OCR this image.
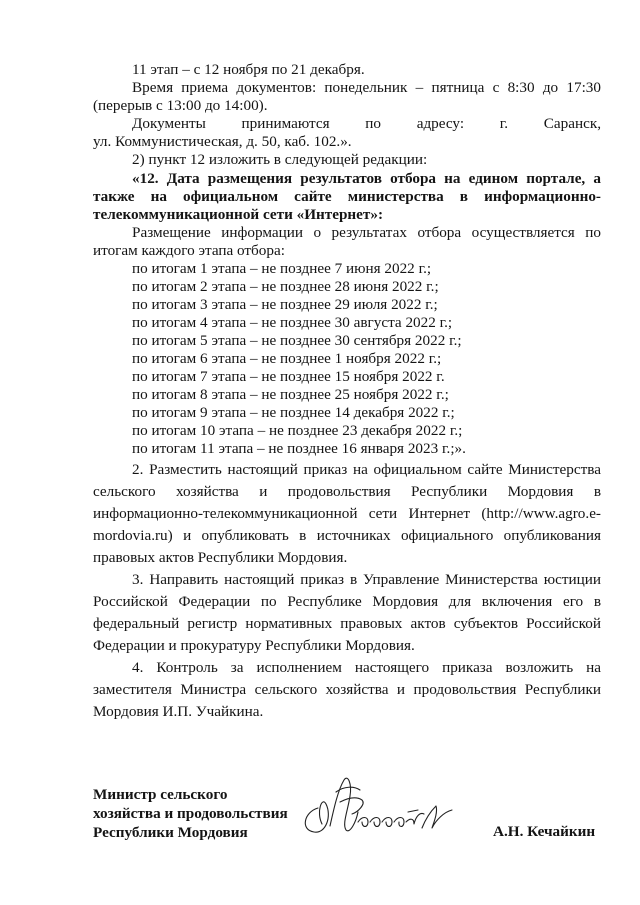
11 этап – с 12 ноября по 21 декабря.
Время приема документов: понедельник – пятница с 8:30 до 17:30
(перерыв с 13:00 до 14:00).
Документы принимаются по адресу: г. Саранск,
ул. Коммунистическая, д. 50, каб. 102.».
2) пункт 12 изложить в следующей редакции:
«12. Дата размещения результатов отбора на едином портале, а
также на официальном сайте министерства в информационно-
телекоммуникационной сети «Интернет»:
Размещение информации о результатах отбора осуществляется по
итогам каждого этапа отбора:
по итогам 1 этапа – не позднее 7 июня 2022 г.;
по итогам 2 этапа – не позднее 28 июня 2022 г.;
по итогам 3 этапа – не позднее 29 июля 2022 г.;
по итогам 4 этапа – не позднее 30 августа 2022 г.;
по итогам 5 этапа – не позднее 30 сентября 2022 г.;
по итогам 6 этапа – не позднее 1 ноября 2022 г.;
по итогам 7 этапа – не позднее 15 ноября 2022 г.
по итогам 8 этапа – не позднее 25 ноября 2022 г.;
по итогам 9 этапа – не позднее 14 декабря 2022 г.;
по итогам 10 этапа – не позднее 23 декабря 2022 г.;
по итогам 11 этапа – не позднее 16 января 2023 г.;».
2. Разместить настоящий приказ на официальном сайте Министерства
сельского хозяйства и продовольствия Республики Мордовия в
информационно-телекоммуникационной сети Интернет (http://www.agro.e-
mordovia.ru) и опубликовать в источниках официального опубликования
правовых актов Республики Мордовия.
3. Направить настоящий приказ в Управление Министерства юстиции
Российской Федерации по Республике Мордовия для включения его в
федеральный регистр нормативных правовых актов субъектов Российской
Федерации и прокуратуру Республики Мордовия.
4. Контроль за исполнением настоящего приказа возложить на
заместителя Министра сельского хозяйства и продовольствия Республики
Мордовия И.П. Учайкина.
Министр сельского
хозяйства и продовольствия
Республики Мордовия	А.Н. Кечайкин
